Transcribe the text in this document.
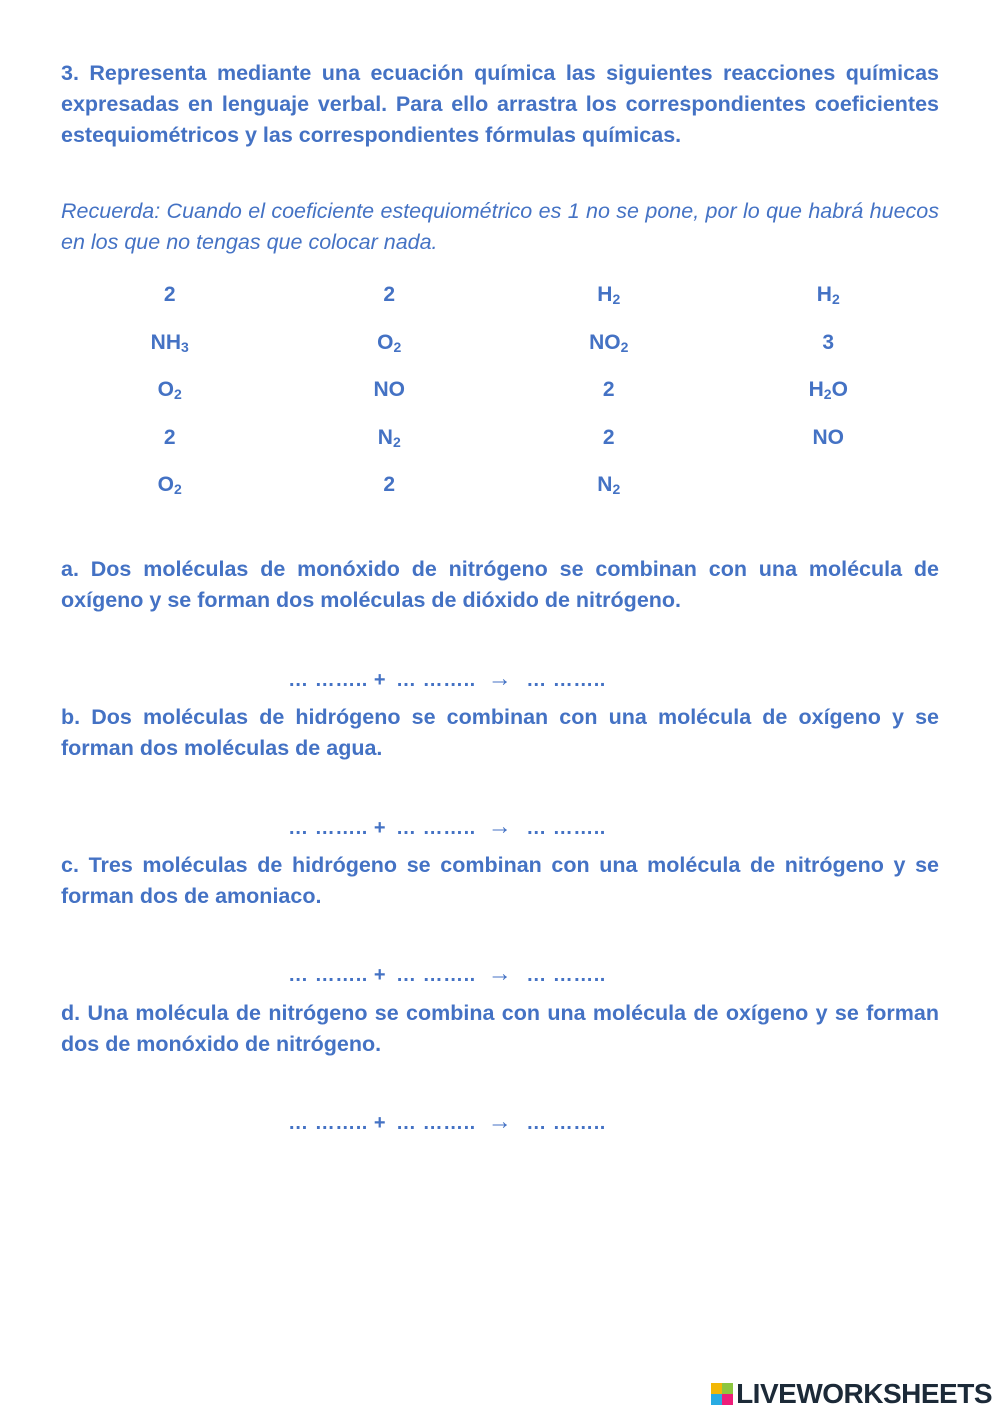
3. Representa mediante una ecuación química las siguientes reacciones químicas expresadas en lenguaje verbal. Para ello arrastra los correspondientes coeficientes estequiométricos y las correspondientes fórmulas químicas.

Recuerda: Cuando el coeficiente estequiométrico es 1 no se pone, por lo que habrá huecos en los que no tengas que colocar nada.

2	2	$H_2$	$H_2$
$NH_3$	$O_2$	$NO_2$	3
$O_2$	NO	2	$H_2O$
2	$N_2$	2	NO
$O_2$	2	$N_2$

a. Dos moléculas de monóxido de nitrógeno se combinan con una molécula de oxígeno y se forman dos moléculas de dióxido de nitrógeno.

… …….. + … …….. → … ……..

b. Dos moléculas de hidrógeno se combinan con una molécula de oxígeno y se forman dos moléculas de agua.

… …….. + … …….. → … ……..

c. Tres moléculas de hidrógeno se combinan con una molécula de nitrógeno y se forman dos de amoniaco.

… …….. + … …….. → … ……..

d. Una molécula de nitrógeno se combina con una molécula de oxígeno y se forman dos de monóxido de nitrógeno.

… …….. + … …….. → … ……..

LIVEWORKSHEETS
